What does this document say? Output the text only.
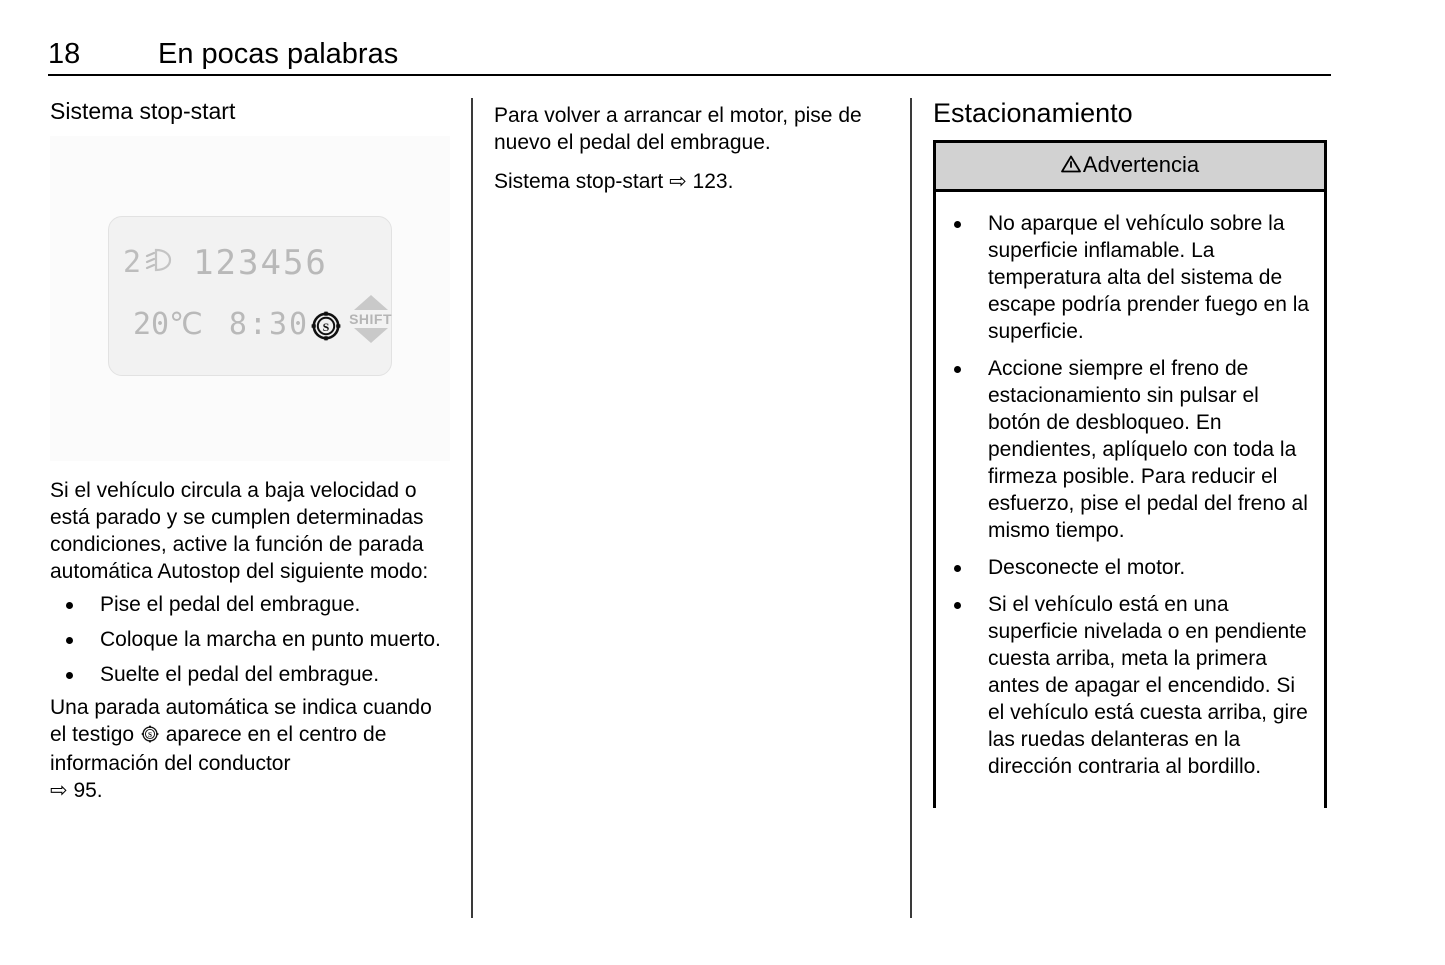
18	En pocas palabras
Sistema stop-start
2 123456
20℃ 8:30 S SHIFT

Si el vehículo circula a baja velocidad o está parado y se cumplen determinadas condiciones, active la función de parada automática Autostop del siguiente modo:

Pise el pedal del embrague.
Coloque la marcha en punto muerto.
Suelte el pedal del embrague.

Una parada automática se indica cuando el testigo S aparece en el centro de información del conductor
⇨ 95.

Para volver a arrancar el motor, pise de nuevo el pedal del embrague.

Sistema stop-start ⇨ 123.

Estacionamiento
Advertencia
No aparque el vehículo sobre la superficie inflamable. La temperatura alta del sistema de escape podría prender fuego en la superficie.
Accione siempre el freno de estacionamiento sin pulsar el botón de desbloqueo. En pendientes, aplíquelo con toda la firmeza posible. Para reducir el esfuerzo, pise el pedal del freno al mismo tiempo.
Desconecte el motor.
Si el vehículo está en una superficie nivelada o en pendiente cuesta arriba, meta la primera antes de apagar el encendido. Si el vehículo está cuesta arriba, gire las ruedas delanteras en la dirección contraria al bordillo.
